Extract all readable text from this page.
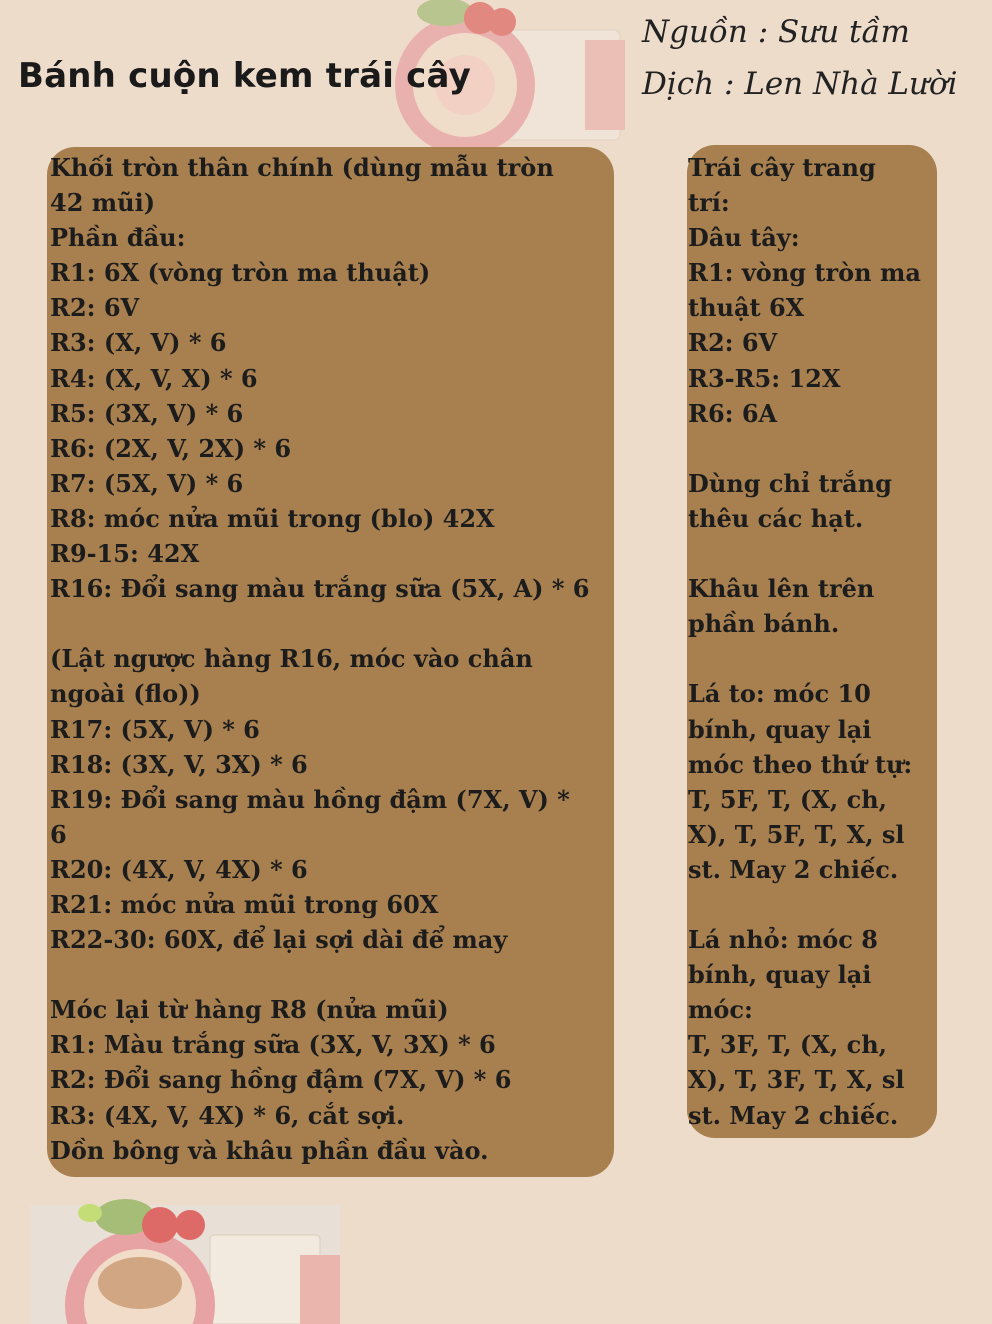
Bánh cuộn kem trái cây
Nguồn : Sưu tầm
Dịch : Len Nhà Lười
Khối tròn thân chính (dùng mẫu tròn
42 mũi)
Phần đầu:
R1: 6X (vòng tròn ma thuật)
R2: 6V
R3: (X, V) * 6
R4: (X, V, X) * 6
R5: (3X, V) * 6
R6: (2X, V, 2X) * 6
R7: (5X, V) * 6
R8: móc nửa mũi trong (blo) 42X
R9-15: 42X
R16: Đổi sang màu trắng sữa (5X, A) * 6
(Lật ngược hàng R16, móc vào chân
ngoài (flo))
R17: (5X, V) * 6
R18: (3X, V, 3X) * 6
R19: Đổi sang màu hồng đậm (7X, V) *
6
R20: (4X, V, 4X) * 6
R21: móc nửa mũi trong 60X
R22-30: 60X, để lại sợi dài để may
Móc lại từ hàng R8 (nửa mũi)
R1: Màu trắng sữa (3X, V, 3X) * 6
R2: Đổi sang hồng đậm (7X, V) * 6
R3: (4X, V, 4X) * 6, cắt sợi.
Dồn bông và khâu phần đầu vào.
Trái cây trang
trí:
Dâu tây:
R1: vòng tròn ma
thuật 6X
R2: 6V
R3-R5: 12X
R6: 6A
Dùng chỉ trắng
thêu các hạt.
Khâu lên trên
phần bánh.
Lá to: móc 10
bính, quay lại
móc theo thứ tự:
T, 5F, T, (X, ch,
X), T, 5F, T, X, sl
st. May 2 chiếc.
Lá nhỏ: móc 8
bính, quay lại
móc:
T, 3F, T, (X, ch,
X), T, 3F, T, X, sl
st. May 2 chiếc.
